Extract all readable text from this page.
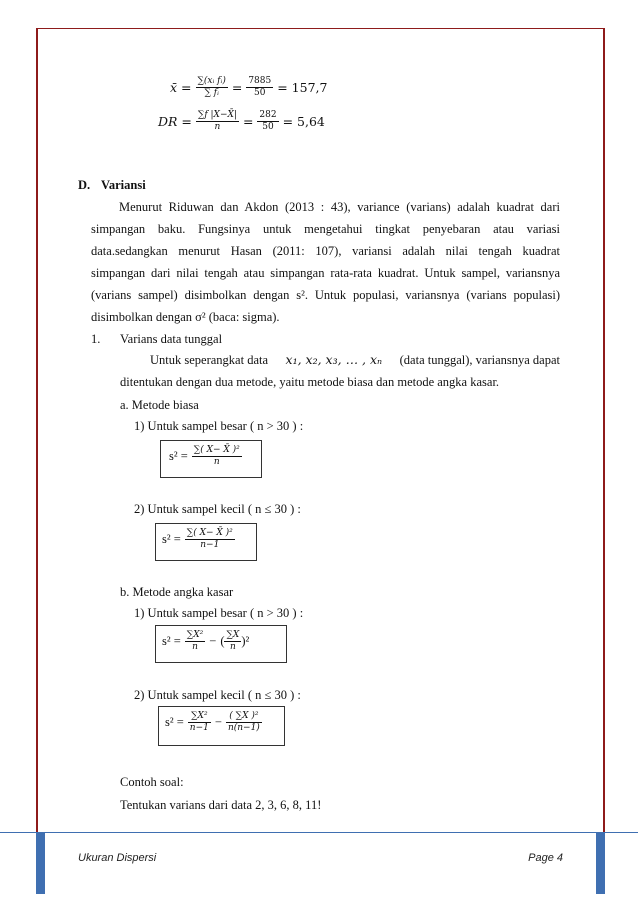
x̄ = $\frac{\text{∑(xᵢ fᵢ)}}{\text{∑ fᵢ}} = \frac{7885}{50} = 157,7$
DR = $\frac{\sum f |X-X̄|}{n} = \frac{282}{50} = 5,64$
D. Variansi
Menurut Riduwan dan Akdon (2013 : 43), variance (varians) adalah kuadrat dari
simpangan baku. Fungsinya untuk mengetahui tingkat penyebaran atau variasi
data.sedangkan menurut Hasan (2011: 107), variansi adalah nilai tengah kuadrat
simpangan dari nilai tengah atau simpangan rata-rata kuadrat. Untuk sampel, variansnya
(varians sampel) disimbolkan dengan s². Untuk populasi, variansnya (varians populasi)
disimbolkan dengan σ² (baca: sigma).
1. Varians data tunggal
Untuk seperangkat data x₁, x₂, x₃, … , xₙ (data tunggal), variansnya dapat
ditentukan dengan dua metode, yaitu metode biasa dan metode angka kasar.
a. Metode biasa
1) Untuk sampel besar ( n > 30 ) :
$s^2 = \frac{\text{∑( X− X̄ )²}}{n}$
2) Untuk sampel kecil ( n ≤ 30 ) :
$s^2 = \frac{\text{∑( X− X̄ )²}}{n-1}$
b. Metode angka kasar
1) Untuk sampel besar ( n > 30 ) :
$s^2 = \frac{\text{∑X²}}{n}$ − ( $\frac{\sum X}{n} )^2$
2) Untuk sampel kecil ( n ≤ 30 ) :
$s^2 = \frac{\text{∑X²}}{n-1} - \frac{\text{( ∑X )²}}{n(n-1)}$
Contoh soal:
Tentukan varians dari data 2, 3, 6, 8, 11!
Ukuran Dispersi	Page 4
